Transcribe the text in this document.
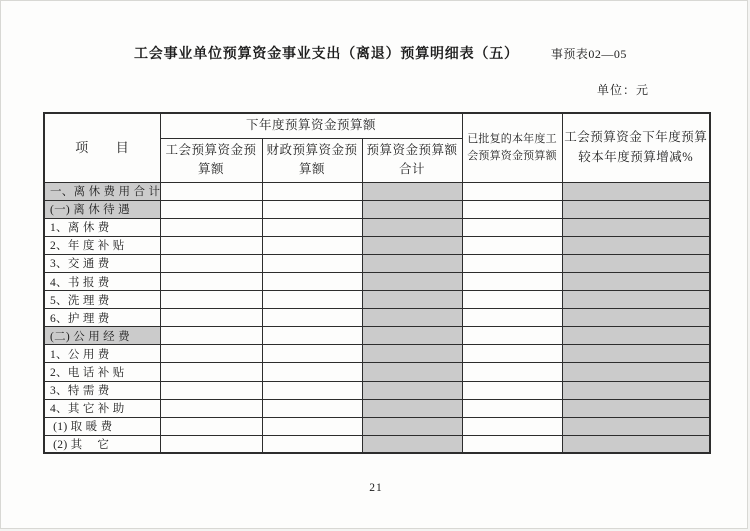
工会事业单位预算资金事业支出（离退）预算明细表（五）	事预表02—05
单位：元
项　　目	下年度预算资金预算额			已批复的本年度工会预算资金预算额	工会预算资金下年度预算较本年度预算增减%
	工会预算资金预算额	财政预算资金预算额	预算资金预算额合计		
一、离 休 费 用 合 计					
(一) 离 休 待 遇					
1、离 休 费					
2、年 度 补 贴					
3、交 通 费					
4、书 报 费					
5、洗 理 费					
6、护 理 费					
(二) 公 用 经 费					
1、公 用 费					
2、电 话 补 贴					
3、特 需 费					
4、其 它 补 助					
(1) 取 暖 费					
(2) 其　 它					
21
